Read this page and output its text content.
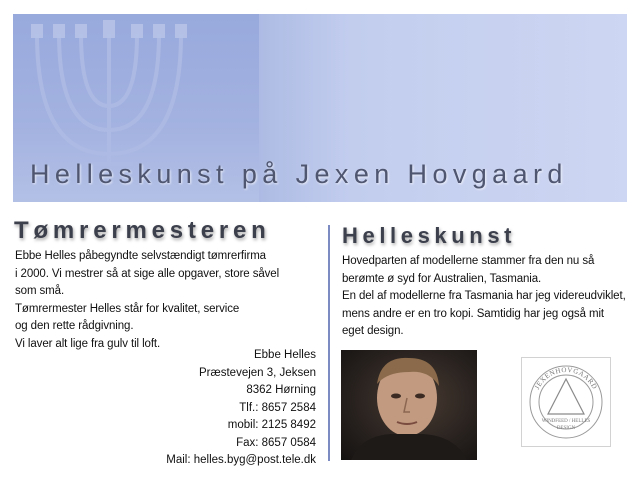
Helleskunst på Jexen Hovgaard
Tømrermesteren
Ebbe Helles påbegyndte selvstændigt tømrerfirma
i 2000. Vi mestrer så at sige alle opgaver, store såvel
som små.
Tømrermester Helles står for kvalitet, service
og den rette rådgivning.
Vi laver alt lige fra gulv til loft.
Ebbe Helles
Præstevejen 3, Jeksen
8362 Hørning
Tlf.: 8657 2584
mobil: 2125 8492
Fax: 8657 0584
Mail: helles.byg@post.tele.dk
Helleskunst
Hovedparten af modellerne stammer fra den nu så
berømte ø syd for Australien, Tasmania.
En del af modellerne fra Tasmania har jeg videreudviklet,
mens andre er en tro kopi. Samtidig har jeg også mit
eget design.
JEXENHOVGAARD
WINDFEED / HELLES
DESIGN
